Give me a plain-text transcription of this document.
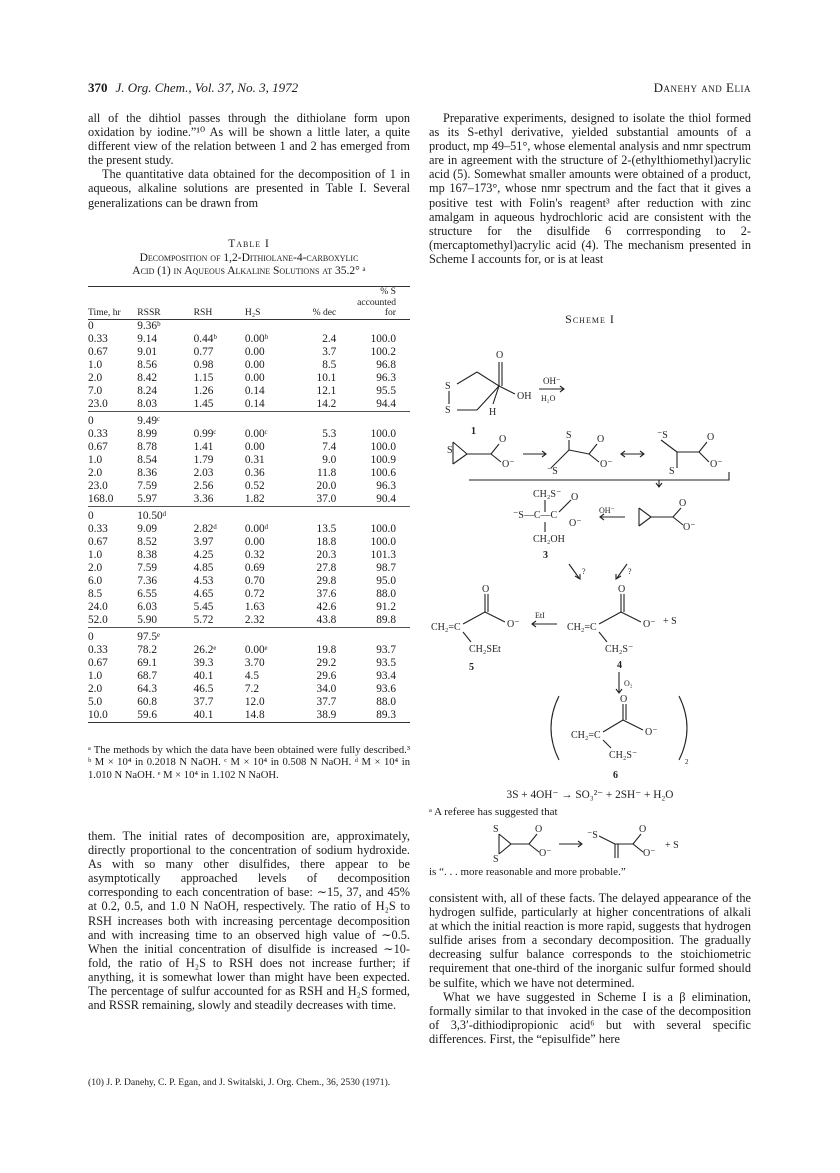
370 J. Org. Chem., Vol. 37, No. 3, 1972	Danehy and Elia

all of the dihtiol passes through the dithiolane form upon oxidation by iodine.”¹⁰ As will be shown a little later, a quite different view of the relation between 1 and 2 has emerged from the present study.

The quantitative data obtained for the decomposition of 1 in aqueous, alkaline solutions are presented in Table I. Several generalizations can be drawn from

Table I
Decomposition of 1,2-Dithiolane-4-carboxylic
Acid (1) in Aqueous Alkaline Solutions at 35.2° ᵃ
Time, hr	RSSR	RSH	H₂S	% dec	% S accounted for
0	9.36ᵇ				
0.33	9.14	0.44ᵇ	0.00ᵇ	2.4	100.0
0.67	9.01	0.77	0.00	3.7	100.2
1.0	8.56	0.98	0.00	8.5	96.8
2.0	8.42	1.15	0.00	10.1	96.3
7.0	8.24	1.26	0.14	12.1	95.5
23.0	8.03	1.45	0.14	14.2	94.4
0	9.49ᶜ				
0.33	8.99	0.99ᶜ	0.00ᶜ	5.3	100.0
0.67	8.78	1.41	0.00	7.4	100.0
1.0	8.54	1.79	0.31	9.0	100.9
2.0	8.36	2.03	0.36	11.8	100.6
23.0	7.59	2.56	0.52	20.0	96.3
168.0	5.97	3.36	1.82	37.0	90.4
0	10.50ᵈ				
0.33	9.09	2.82ᵈ	0.00ᵈ	13.5	100.0
0.67	8.52	3.97	0.00	18.8	100.0
1.0	8.38	4.25	0.32	20.3	101.3
2.0	7.59	4.85	0.69	27.8	98.7
6.0	7.36	4.53	0.70	29.8	95.0
8.5	6.55	4.65	0.72	37.6	88.0
24.0	6.03	5.45	1.63	42.6	91.2
52.0	5.90	5.72	2.32	43.8	89.8
0	97.5ᵉ				
0.33	78.2	26.2ᵉ	0.00ᵉ	19.8	93.7
0.67	69.1	39.3	3.70	29.2	93.5
1.0	68.7	40.1	4.5	29.6	93.4
2.0	64.3	46.5	7.2	34.0	93.6
5.0	60.8	37.7	12.0	37.7	88.0
10.0	59.6	40.1	14.8	38.9	89.3
ᵃ The methods by which the data have been obtained were fully described.³ ᵇ M × 10⁴ in 0.2018 N NaOH. ᶜ M × 10⁴ in 0.508 N NaOH. ᵈ M × 10⁴ in 1.010 N NaOH. ᵉ M × 10⁴ in 1.102 N NaOH.

them. The initial rates of decomposition are, approximately, directly proportional to the concentration of sodium hydroxide. As with so many other disulfides, there appear to be asymptotically approached levels of decomposition corresponding to each concentration of base: ∼15, 37, and 45% at 0.2, 0.5, and 1.0 N NaOH, respectively. The ratio of H₂S to RSH increases both with increasing percentage decomposition and with increasing time to an observed high value of ∼0.5. When the initial concentration of disulfide is increased ∼10-fold, the ratio of H₂S to RSH does not increase further; if anything, it is somewhat lower than might have been expected. The percentage of sulfur accounted for as RSH and H₂S formed, and RSSR remaining, slowly and steadily decreases with time.

(10) J. P. Danehy, C. P. Egan, and J. Switalski, J. Org. Chem., 36, 2530 (1971).

Preparative experiments, designed to isolate the thiol formed as its S-ethyl derivative, yielded substantial amounts of a product, mp 49–51°, whose elemental analysis and nmr spectrum are in agreement with the structure of 2-(ethylthiomethyl)acrylic acid (5). Somewhat smaller amounts were obtained of a product, mp 167–173°, whose nmr spectrum and the fact that it gives a positive test with Folin's reagent³ after reduction with zinc amalgam in aqueous hydrochloric acid are consistent with the structure for the disulfide 6 corrresponding to 2-(mercaptomethyl)acrylic acid (4). The mechanism presented in Scheme I accounts for, or is at least

Scheme I
S
S
O
OH
H
OH⁻
H₂O
1
S
O
O⁻
S
⁻S
O
O⁻
⁻S
S
O
O⁻
CH₂S⁻
⁻S—C—C
O
O⁻
CH₂OH
OH⁻
O
O⁻
3
?	?
CH₂=C
O
O⁻
CH₂SEt
EtI
CH₂=C
O
O⁻
CH₂S⁻
+ S
5	4
O₂
CH₂=C
O
O⁻
CH₂S⁻
2
6
3S + 4OH⁻ → SO₃²⁻ + 2SH⁻ + H₂O
ᵃ A referee has suggested that
S
S
O
O⁻
⁻S
O
O⁻
+ S
is “. . . more reasonable and more probable.”

consistent with, all of these facts. The delayed appearance of the hydrogen sulfide, particularly at higher concentrations of alkali at which the initial reaction is more rapid, suggests that hydrogen sulfide arises from a secondary decomposition. The gradually decreasing sulfur balance corresponds to the stoichiometric requirement that one-third of the inorganic sulfur formed should be sulfite, which we have not determined.

What we have suggested in Scheme I is a β elimination, formally similar to that invoked in the case of the decomposition of 3,3′-dithiodipropionic acid⁶ but with several specific differences. First, the “episulfide” here
